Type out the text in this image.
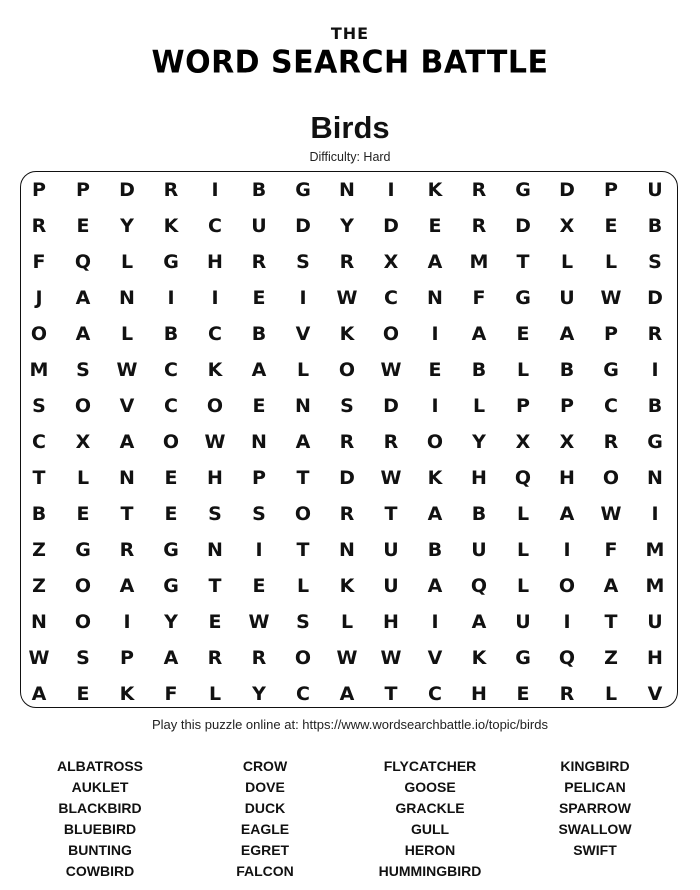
THE
WORD SEARCH BATTLE
Birds
Difficulty: Hard
P	P	D	R	I	B	G	N	I	K	R	G	D	P	U
R	E	Y	K	C	U	D	Y	D	E	R	D	X	E	B
F	Q	L	G	H	R	S	R	X	A	M	T	L	L	S
J	A	N	I	I	E	I	W	C	N	F	G	U	W	D
O	A	L	B	C	B	V	K	O	I	A	E	A	P	R
M	S	W	C	K	A	L	O	W	E	B	L	B	G	I
S	O	V	C	O	E	N	S	D	I	L	P	P	C	B
C	X	A	O	W	N	A	R	R	O	Y	X	X	R	G
T	L	N	E	H	P	T	D	W	K	H	Q	H	O	N
B	E	T	E	S	S	O	R	T	A	B	L	A	W	I
Z	G	R	G	N	I	T	N	U	B	U	L	I	F	M
Z	O	A	G	T	E	L	K	U	A	Q	L	O	A	M
N	O	I	Y	E	W	S	L	H	I	A	U	I	T	U
W	S	P	A	R	R	O	W	W	V	K	G	Q	Z	H
A	E	K	F	L	Y	C	A	T	C	H	E	R	L	V
Play this puzzle online at: https://www.wordsearchbattle.io/topic/birds
ALBATROSS
AUKLET
BLACKBIRD
BLUEBIRD
BUNTING
COWBIRD
CROW
DOVE
DUCK
EAGLE
EGRET
FALCON
FLYCATCHER
GOOSE
GRACKLE
GULL
HERON
HUMMINGBIRD
KINGBIRD
PELICAN
SPARROW
SWALLOW
SWIFT
